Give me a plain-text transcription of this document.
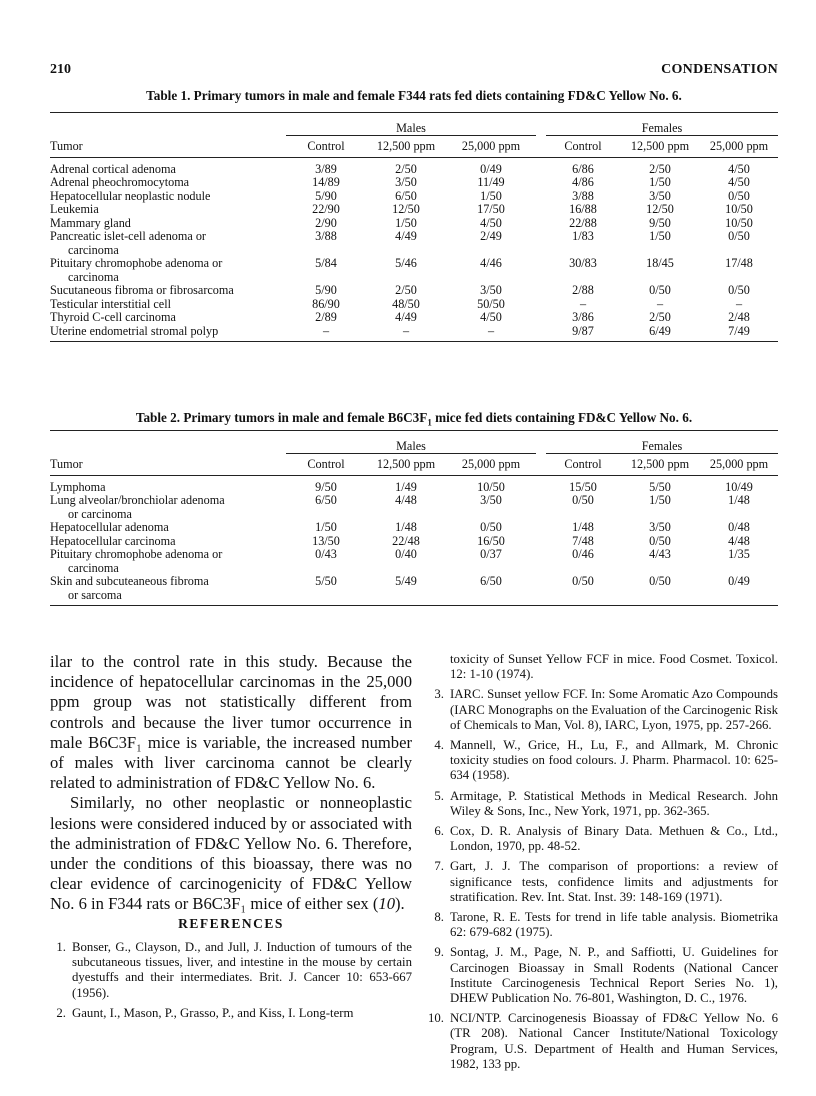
210	CONDENSATION
Table 1. Primary tumors in male and female F344 rats fed diets containing FD&C Yellow No. 6.

	Males				Females		
Tumor	Control	12,500 ppm	25,000 ppm		Control	12,500 ppm	25,000 ppm

Adrenal cortical adenoma	3/89	2/50	0/49		6/86	2/50	4/50

Adrenal pheochromocytoma	14/89	3/50	11/49		4/86	1/50	4/50

Hepatocellular neoplastic nodule	5/90	6/50	1/50		3/88	3/50	0/50

Leukemia	22/90	12/50	17/50		16/88	12/50	10/50

Mammary gland	2/90	1/50	4/50		22/88	9/50	10/50

Pancreatic islet-cell adenoma or
carcinoma	3/88	4/49	2/49		1/83	1/50	0/50

Pituitary chromophobe adenoma or
carcinoma	5/84	5/46	4/46		30/83	18/45	17/48

Sucutaneous fibroma or fibrosarcoma	5/90	2/50	3/50		2/88	0/50	0/50

Testicular interstitial cell	86/90	48/50	50/50		–	–	–

Thyroid C-cell carcinoma	2/89	4/49	4/50		3/86	2/50	2/48

Uterine endometrial stromal polyp	–	–	–		9/87	6/49	7/49
Table 2. Primary tumors in male and female $B6C3F_1$ mice fed diets containing FD&C Yellow No. 6.

	Males				Females		
Tumor	Control	12,500 ppm	25,000 ppm		Control	12,500 ppm	25,000 ppm

Lymphoma	9/50	1/49	10/50		15/50	5/50	10/49

Lung alveolar/bronchiolar adenoma
or carcinoma	6/50	4/48	3/50		0/50	1/50	1/48

Hepatocellular adenoma	1/50	1/48	0/50		1/48	3/50	0/48

Hepatocellular carcinoma	13/50	22/48	16/50		7/48	0/50	4/48

Pituitary chromophobe adenoma or
carcinoma	0/43	0/40	0/37		0/46	4/43	1/35

Skin and subcuteaneous fibroma
or sarcoma	5/50	5/49	6/50		0/50	0/50	0/49

ilar to the control rate in this study. Because the incidence of hepatocellular carcinomas in the 25,000 ppm group was not statistically different from controls and because the liver tumor occurrence in male B6C3F₁ mice is variable, the increased number of males with liver carcinoma cannot be clearly related to administration of FD&C Yellow No. 6.

Similarly, no other neoplastic or nonneoplastic lesions were considered induced by or associated with the administration of FD&C Yellow No. 6. Therefore, under the conditions of this bioassay, there was no clear evidence of carcinogenicity of FD&C Yellow No. 6 in F344 rats or B6C3F₁ mice of either sex (10).

REFERENCES
1. Bonser, G., Clayson, D., and Jull, J. Induction of tumours of the subcutaneous tissues, liver, and intestine in the mouse by certain dyestuffs and their intermediates. Brit. J. Cancer 10: 653-667 (1956).
2. Gaunt, I., Mason, P., Grasso, P., and Kiss, I. Long-term
toxicity of Sunset Yellow FCF in mice. Food Cosmet. Toxicol. 12: 1-10 (1974).
3. IARC. Sunset yellow FCF. In: Some Aromatic Azo Compounds (IARC Monographs on the Evaluation of the Carcinogenic Risk of Chemicals to Man, Vol. 8), IARC, Lyon, 1975, pp. 257-266.
4. Mannell, W., Grice, H., Lu, F., and Allmark, M. Chronic toxicity studies on food colours. J. Pharm. Pharmacol. 10: 625-634 (1958).
5. Armitage, P. Statistical Methods in Medical Research. John Wiley & Sons, Inc., New York, 1971, pp. 362-365.
6. Cox, D. R. Analysis of Binary Data. Methuen & Co., Ltd., London, 1970, pp. 48-52.
7. Gart, J. J. The comparison of proportions: a review of significance tests, confidence limits and adjustments for stratification. Rev. Int. Stat. Inst. 39: 148-169 (1971).
8. Tarone, R. E. Tests for trend in life table analysis. Biometrika 62: 679-682 (1975).
9. Sontag, J. M., Page, N. P., and Saffiotti, U. Guidelines for Carcinogen Bioassay in Small Rodents (National Cancer Institute Carcinogenesis Technical Report Series No. 1), DHEW Publication No. 76-801, Washington, D. C., 1976.
10. NCI/NTP. Carcinogenesis Bioassay of FD&C Yellow No. 6 (TR 208). National Cancer Institute/National Toxicology Program, U.S. Department of Health and Human Services, 1982, 133 pp.
